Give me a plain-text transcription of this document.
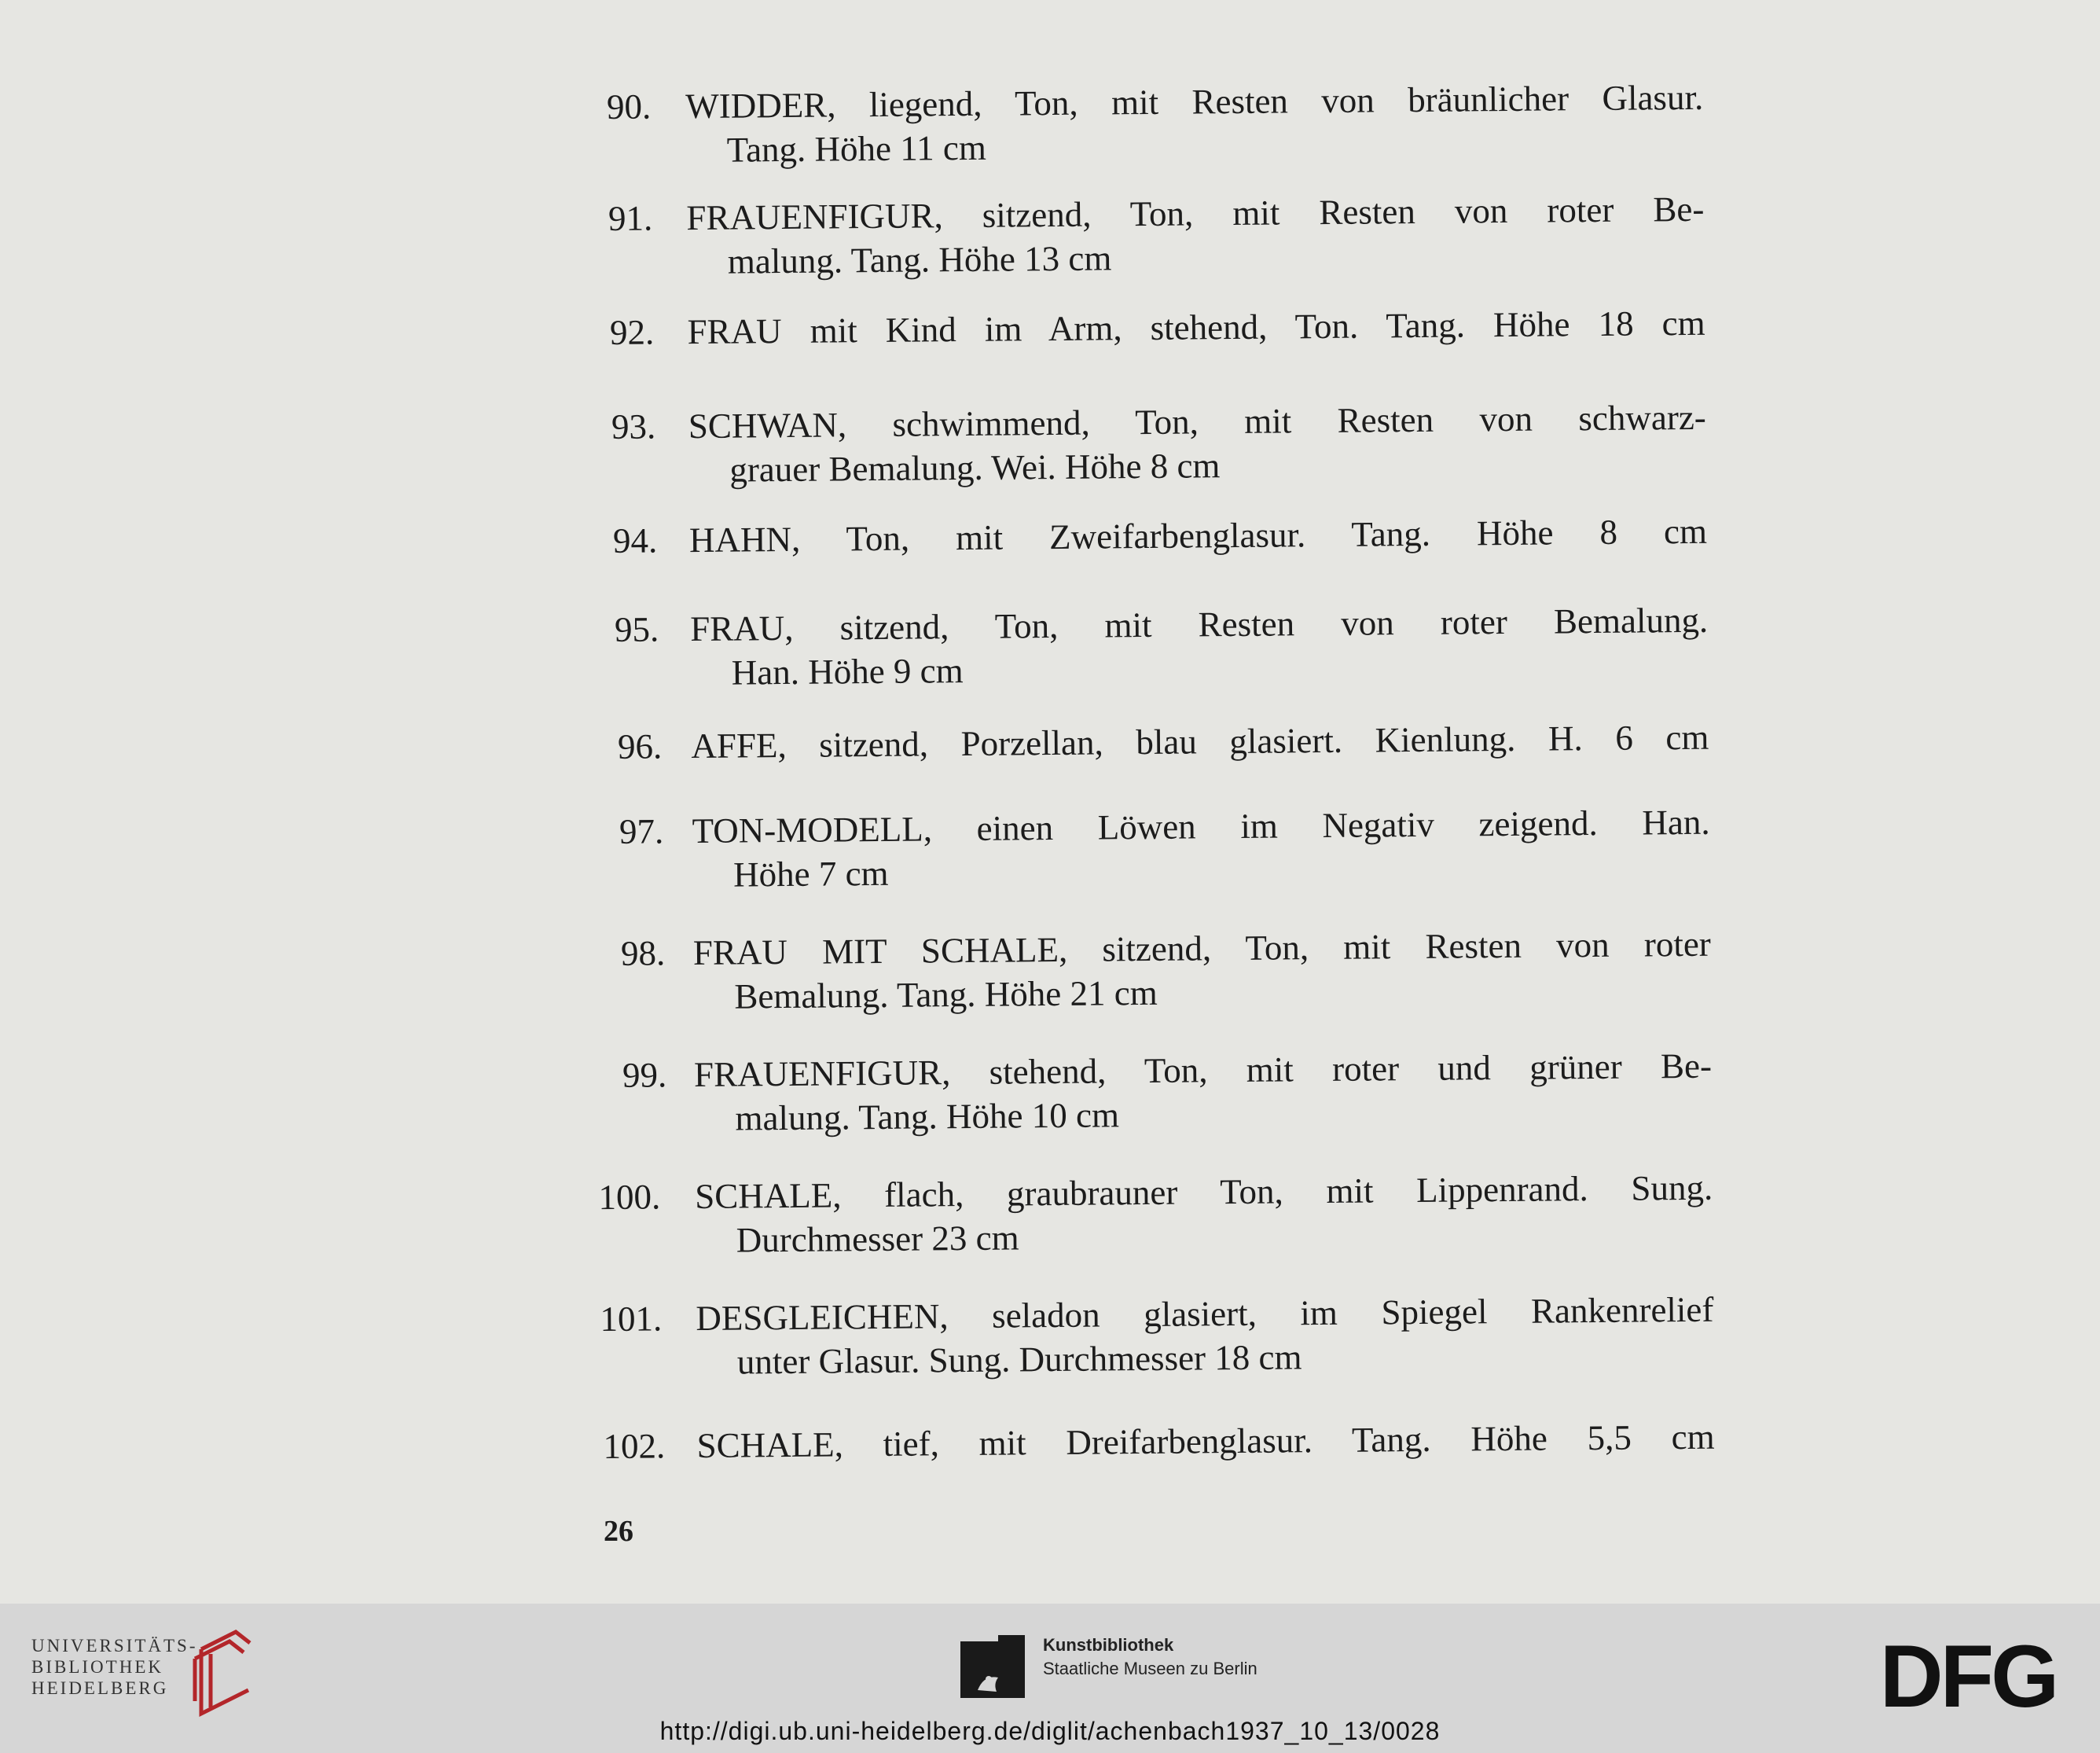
90. WIDDER, liegend, Ton, mit Resten von bräunlicher Glasur.
Tang. Höhe 11 cm
91. FRAUENFIGUR, sitzend, Ton, mit Resten von roter Be-
malung. Tang. Höhe 13 cm
92. FRAU mit Kind im Arm, stehend, Ton. Tang. Höhe 18 cm
93. SCHWAN, schwimmend, Ton, mit Resten von schwarz-
grauer Bemalung. Wei. Höhe 8 cm
94. HAHN, Ton, mit Zweifarbenglasur. Tang. Höhe 8 cm
95. FRAU, sitzend, Ton, mit Resten von roter Bemalung.
Han. Höhe 9 cm
96. AFFE, sitzend, Porzellan, blau glasiert. Kienlung. H. 6 cm
97. TON-MODELL, einen Löwen im Negativ zeigend. Han.
Höhe 7 cm
98. FRAU MIT SCHALE, sitzend, Ton, mit Resten von roter
Bemalung. Tang. Höhe 21 cm
99. FRAUENFIGUR, stehend, Ton, mit roter und grüner Be-
malung. Tang. Höhe 10 cm
100. SCHALE, flach, graubrauner Ton, mit Lippenrand. Sung.
Durchmesser 23 cm
101. DESGLEICHEN, seladon glasiert, im Spiegel Rankenrelief
unter Glasur. Sung. Durchmesser 18 cm
102. SCHALE, tief, mit Dreifarbenglasur. Tang. Höhe 5,5 cm
26
UNIVERSITÄTS-
BIBLIOTHEK
HEIDELBERG
Kunstbibliothek
Staatliche Museen zu Berlin	DFG
http://digi.ub.uni-heidelberg.de/diglit/achenbach1937_10_13/0028
